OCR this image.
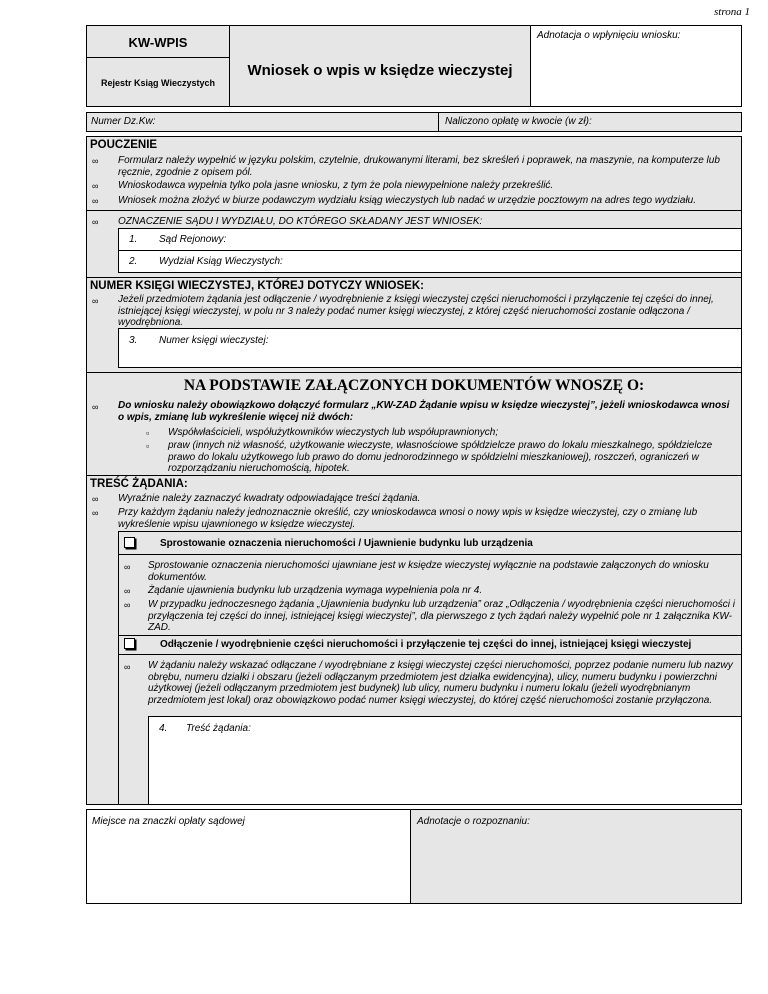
strona 1
KW-WPIS
Rejestr Ksiąg Wieczystych
Wniosek o wpis w księdze wieczystej
Adnotacja o wpłynięciu wniosku:
Numer Dz.Kw:	Naliczono opłatę w kwocie (w zł):
POUCZENIE
∞ Formularz należy wypełnić w języku polskim, czytelnie, drukowanymi literami, bez skreśleń i poprawek, na maszynie, na komputerze lub ręcznie, zgodnie z opisem pól.
∞ Wnioskodawca wypełnia tylko pola jasne wniosku, z tym że pola niewypełnione należy przekreślić.
∞ Wniosek można złożyć w biurze podawczym wydziału ksiąg wieczystych lub nadać w urzędzie pocztowym na adres tego wydziału.
∞ OZNACZENIE SĄDU I WYDZIAŁU, DO KTÓREGO SKŁADANY JEST WNIOSEK:
1. Sąd Rejonowy:
2. Wydział Ksiąg Wieczystych:
NUMER KSIĘGI WIECZYSTEJ, KTÓREJ DOTYCZY WNIOSEK:
∞ Jeżeli przedmiotem żądania jest odłączenie / wyodrębnienie z księgi wieczystej części nieruchomości i przyłączenie tej części do innej, istniejącej księgi wieczystej, w polu nr 3 należy podać numer księgi wieczystej, z której część nieruchomości zostanie odłączona / wyodrębniona.
3. Numer księgi wieczystej:
NA PODSTAWIE ZAŁĄCZONYCH DOKUMENTÓW WNOSZĘ O:
∞ Do wniosku należy obowiązkowo dołączyć formularz „KW-ZAD Żądanie wpisu w księdze wieczystej”, jeżeli wnioskodawca wnosi o wpis, zmianę lub wykreślenie więcej niż dwóch:
▫ Współwłaścicieli, współużytkowników wieczystych lub współuprawnionych;
▫ praw (innych niż własność, użytkowanie wieczyste, własnościowe spółdzielcze prawo do lokalu mieszkalnego, spółdzielcze prawo do lokalu użytkowego lub prawo do domu jednorodzinnego w spółdzielni mieszkaniowej), roszczeń, ograniczeń w rozporządzaniu nieruchomością, hipotek.
TREŚĆ ŻĄDANIA:
∞ Wyraźnie należy zaznaczyć kwadraty odpowiadające treści żądania.
∞ Przy każdym żądaniu należy jednoznacznie określić, czy wnioskodawca wnosi o nowy wpis w księdze wieczystej, czy o zmianę lub wykreślenie wpisu ujawnionego w księdze wieczystej.
Sprostowanie oznaczenia nieruchomości / Ujawnienie budynku lub urządzenia
∞ Sprostowanie oznaczenia nieruchomości ujawniane jest w księdze wieczystej wyłącznie na podstawie załączonych do wniosku dokumentów.
∞ Żądanie ujawnienia budynku lub urządzenia wymaga wypełnienia pola nr 4.
∞ W przypadku jednoczesnego żądania „Ujawnienia budynku lub urządzenia” oraz „Odłączenia / wyodrębnienia części nieruchomości i przyłączenia tej części do innej, istniejącej księgi wieczystej”, dla pierwszego z tych żądań należy wypełnić pole nr 1 załącznika KW-ZAD.
Odłączenie / wyodrębnienie części nieruchomości i przyłączenie tej części do innej, istniejącej księgi wieczystej
∞ W żądaniu należy wskazać odłączane / wyodrębniane z księgi wieczystej części nieruchomości, poprzez podanie numeru lub nazwy obrębu, numeru działki i obszaru (jeżeli odłączanym przedmiotem jest działka ewidencyjna), ulicy, numeru budynku i powierzchni użytkowej (jeżeli odłączanym przedmiotem jest budynek) lub ulicy, numeru budynku i numeru lokalu (jeżeli wyodrębnianym przedmiotem jest lokal) oraz obowiązkowo podać numer księgi wieczystej, do której część nieruchomości zostanie przyłączona.
4. Treść żądania:
Miejsce na znaczki opłaty sądowej	Adnotacje o rozpoznaniu:
